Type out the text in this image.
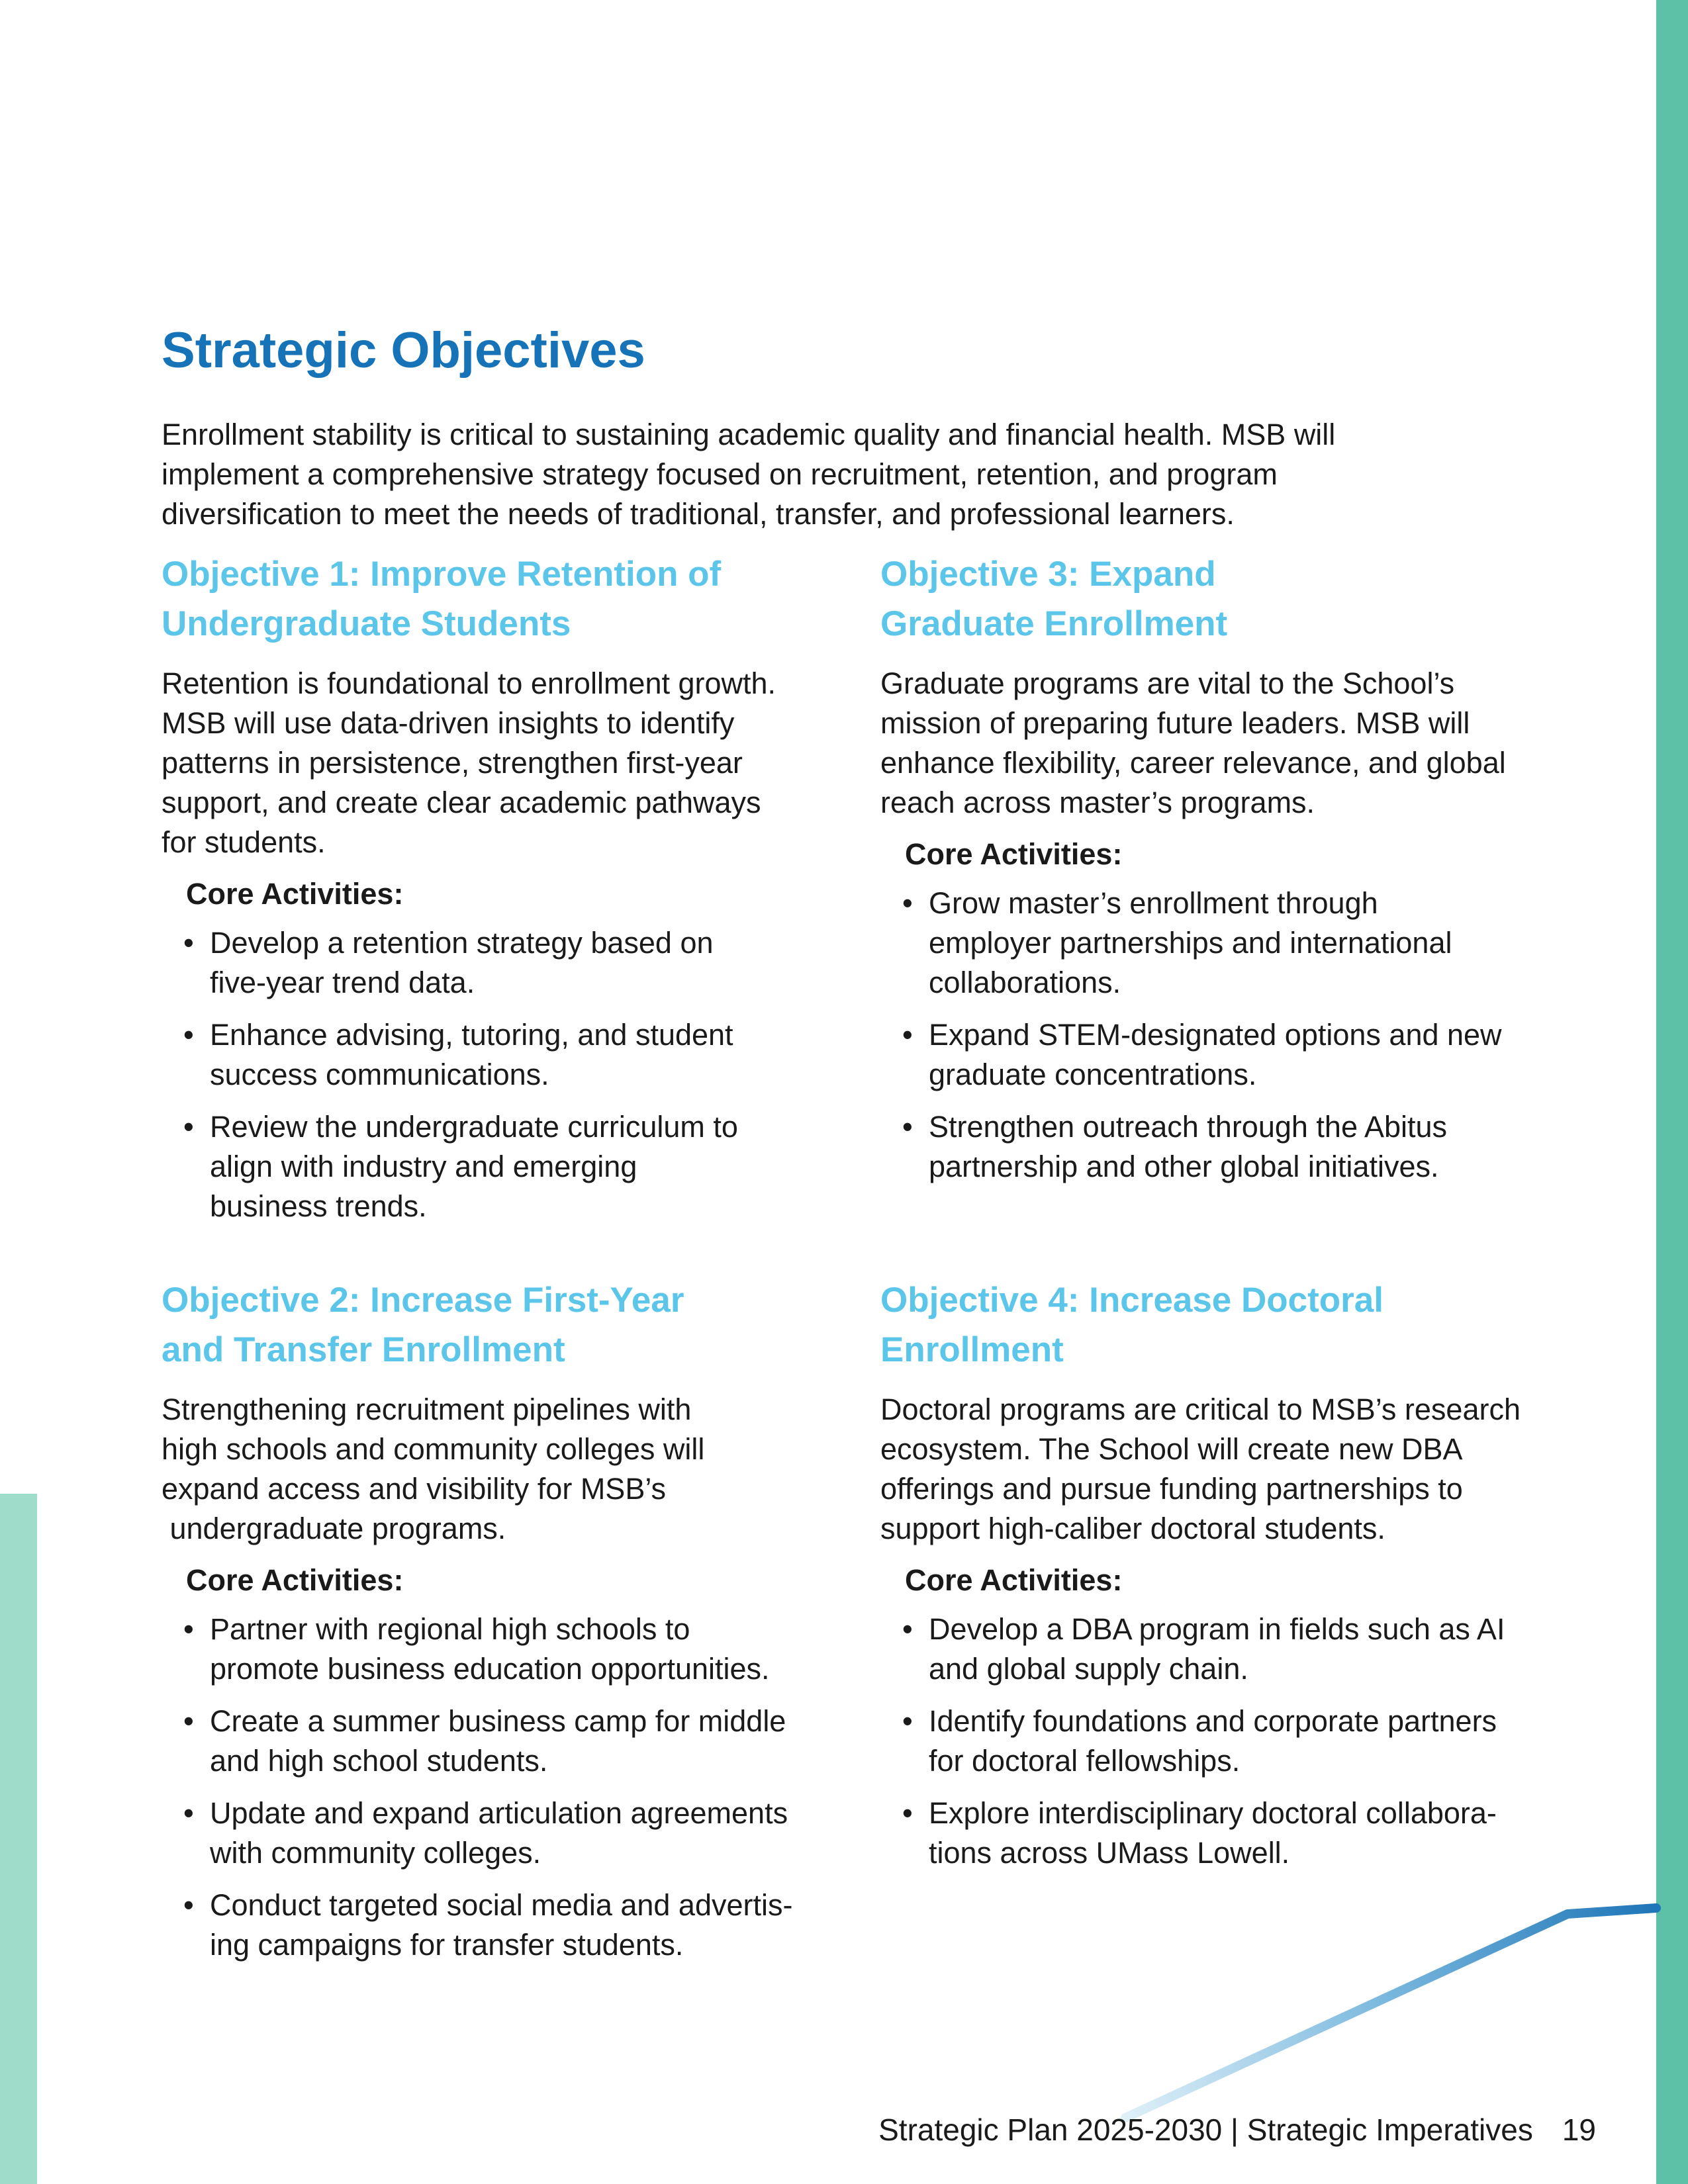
Strategic Objectives

Enrollment stability is critical to sustaining academic quality and financial health. MSB will
implement a comprehensive strategy focused on recruitment, retention, and program
diversification to meet the needs of traditional, transfer, and professional learners.

Objective 1: Improve Retention of
Undergraduate Students

Retention is foundational to enrollment growth.
MSB will use data-driven insights to identify
patterns in persistence, strengthen first-year
support, and create clear academic pathways
for students.

Core Activities:
• Develop a retention strategy based on
five-year trend data.
• Enhance advising, tutoring, and student
success communications.
• Review the undergraduate curriculum to
align with industry and emerging
business trends.
Objective 2: Increase First-Year
and Transfer Enrollment

Strengthening recruitment pipelines with
high schools and community colleges will
expand access and visibility for MSB’s
undergraduate programs.

Core Activities:
• Partner with regional high schools to
promote business education opportunities.
• Create a summer business camp for middle
and high school students.
• Update and expand articulation agreements
with community colleges.
• Conduct targeted social media and advertis-
ing campaigns for transfer students.
Objective 3: Expand
Graduate Enrollment

Graduate programs are vital to the School’s
mission of preparing future leaders. MSB will
enhance flexibility, career relevance, and global
reach across master’s programs.

Core Activities:
• Grow master’s enrollment through
employer partnerships and international
collaborations.
• Expand STEM-designated options and new
graduate concentrations.
• Strengthen outreach through the Abitus
partnership and other global initiatives.
Objective 4: Increase Doctoral
Enrollment

Doctoral programs are critical to MSB’s research
ecosystem. The School will create new DBA
offerings and pursue funding partnerships to
support high-caliber doctoral students.

Core Activities:
• Develop a DBA program in fields such as AI
and global supply chain.
• Identify foundations and corporate partners
for doctoral fellowships.
• Explore interdisciplinary doctoral collabora-
tions across UMass Lowell.
Strategic Plan 2025-2030 | Strategic Imperatives 19
